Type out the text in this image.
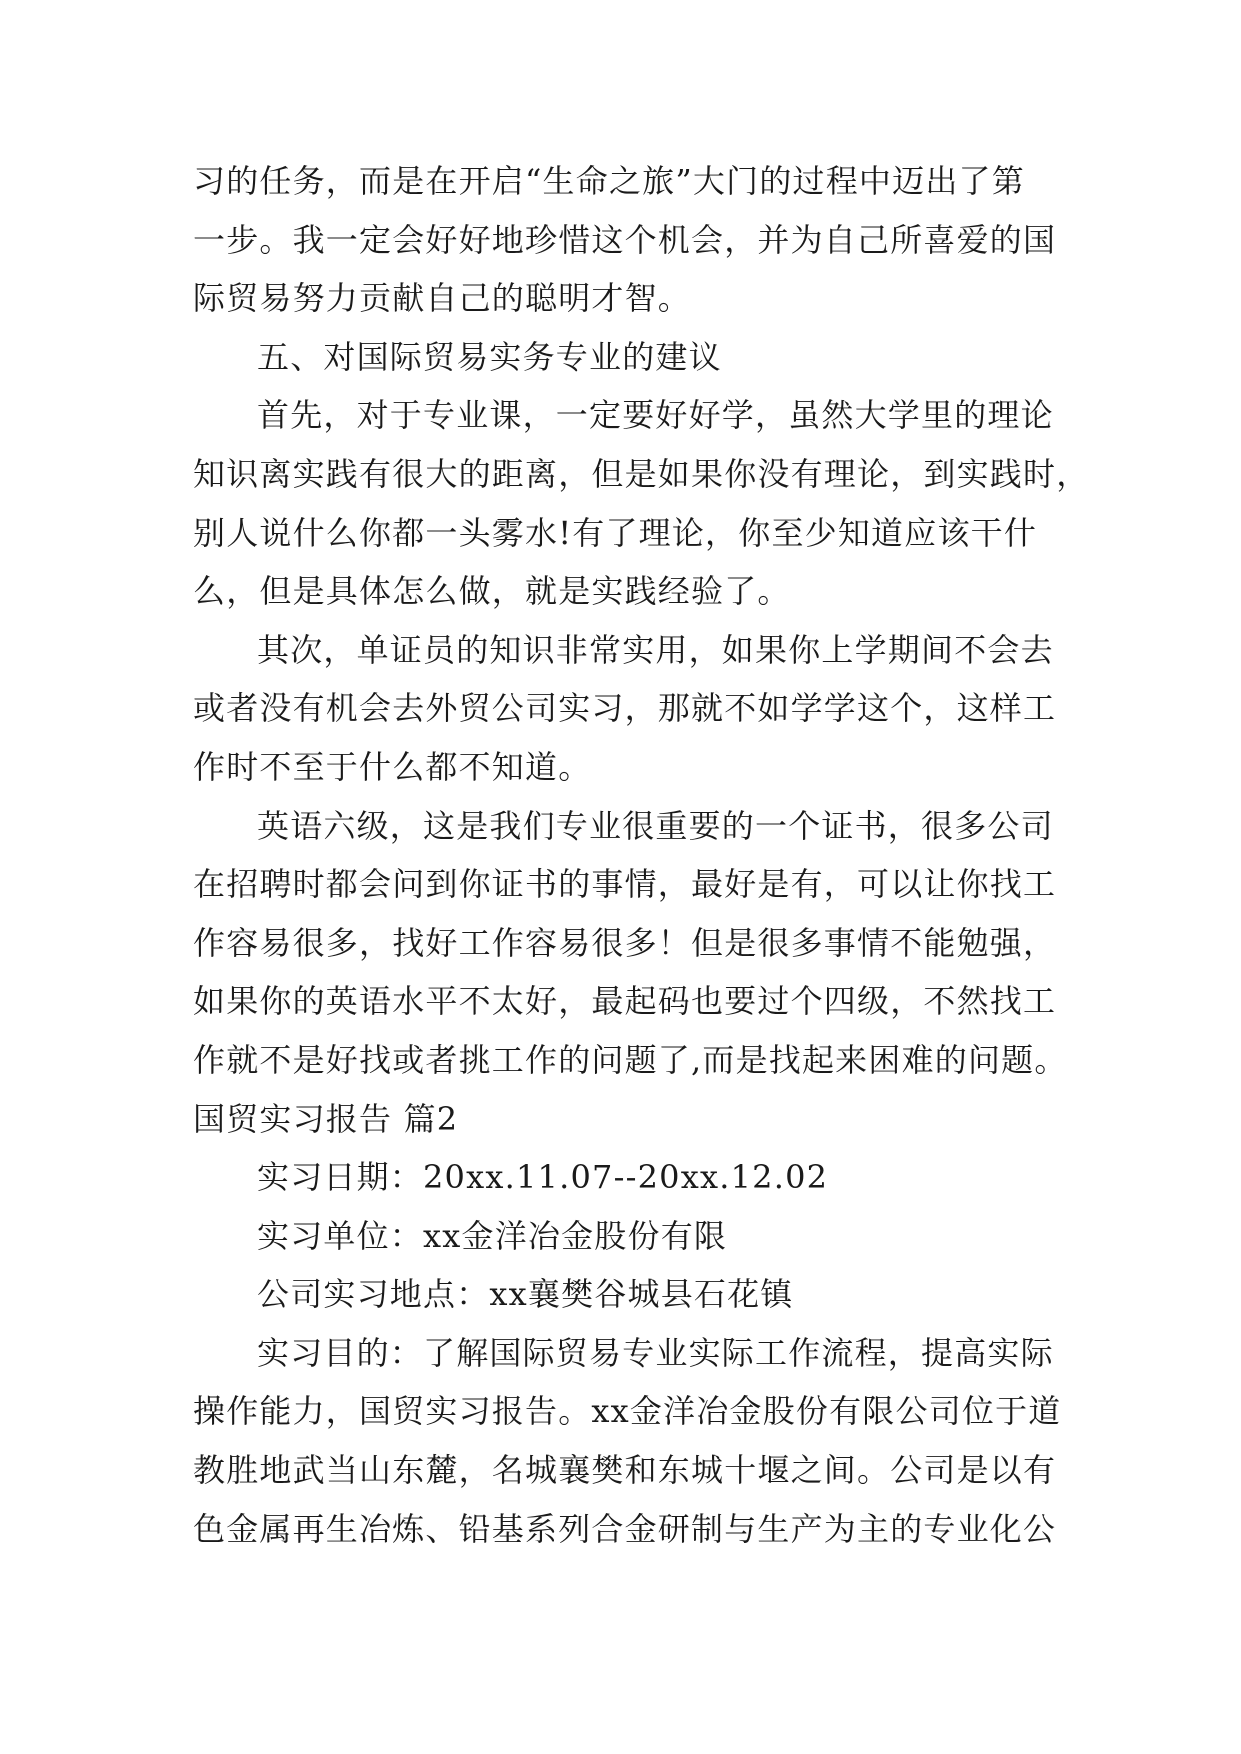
习的任务，而是在开启“生命之旅”大门的过程中迈出了第
一步。我一定会好好地珍惜这个机会，并为自己所喜爱的国
际贸易努力贡献自己的聪明才智。
五、对国际贸易实务专业的建议
首先，对于专业课，一定要好好学，虽然大学里的理论
知识离实践有很大的距离，但是如果你没有理论，到实践时，
别人说什么你都一头雾水!有了理论，你至少知道应该干什
么，但是具体怎么做，就是实践经验了。
其次，单证员的知识非常实用，如果你上学期间不会去
或者没有机会去外贸公司实习，那就不如学学这个，这样工
作时不至于什么都不知道。
英语六级，这是我们专业很重要的一个证书，很多公司
在招聘时都会问到你证书的事情，最好是有，可以让你找工
作容易很多，找好工作容易很多！但是很多事情不能勉强，
如果你的英语水平不太好，最起码也要过个四级，不然找工
作就不是好找或者挑工作的问题了,而是找起来困难的问题。
国贸实习报告 篇2
实习日期：20xx.11.07--20xx.12.02
实习单位：xx金洋冶金股份有限
公司实习地点：xx襄樊谷城县石花镇
实习目的：了解国际贸易专业实际工作流程，提高实际
操作能力，国贸实习报告。xx金洋冶金股份有限公司位于道
教胜地武当山东麓，名城襄樊和东城十堰之间。公司是以有
色金属再生冶炼、铅基系列合金研制与生产为主的专业化公
